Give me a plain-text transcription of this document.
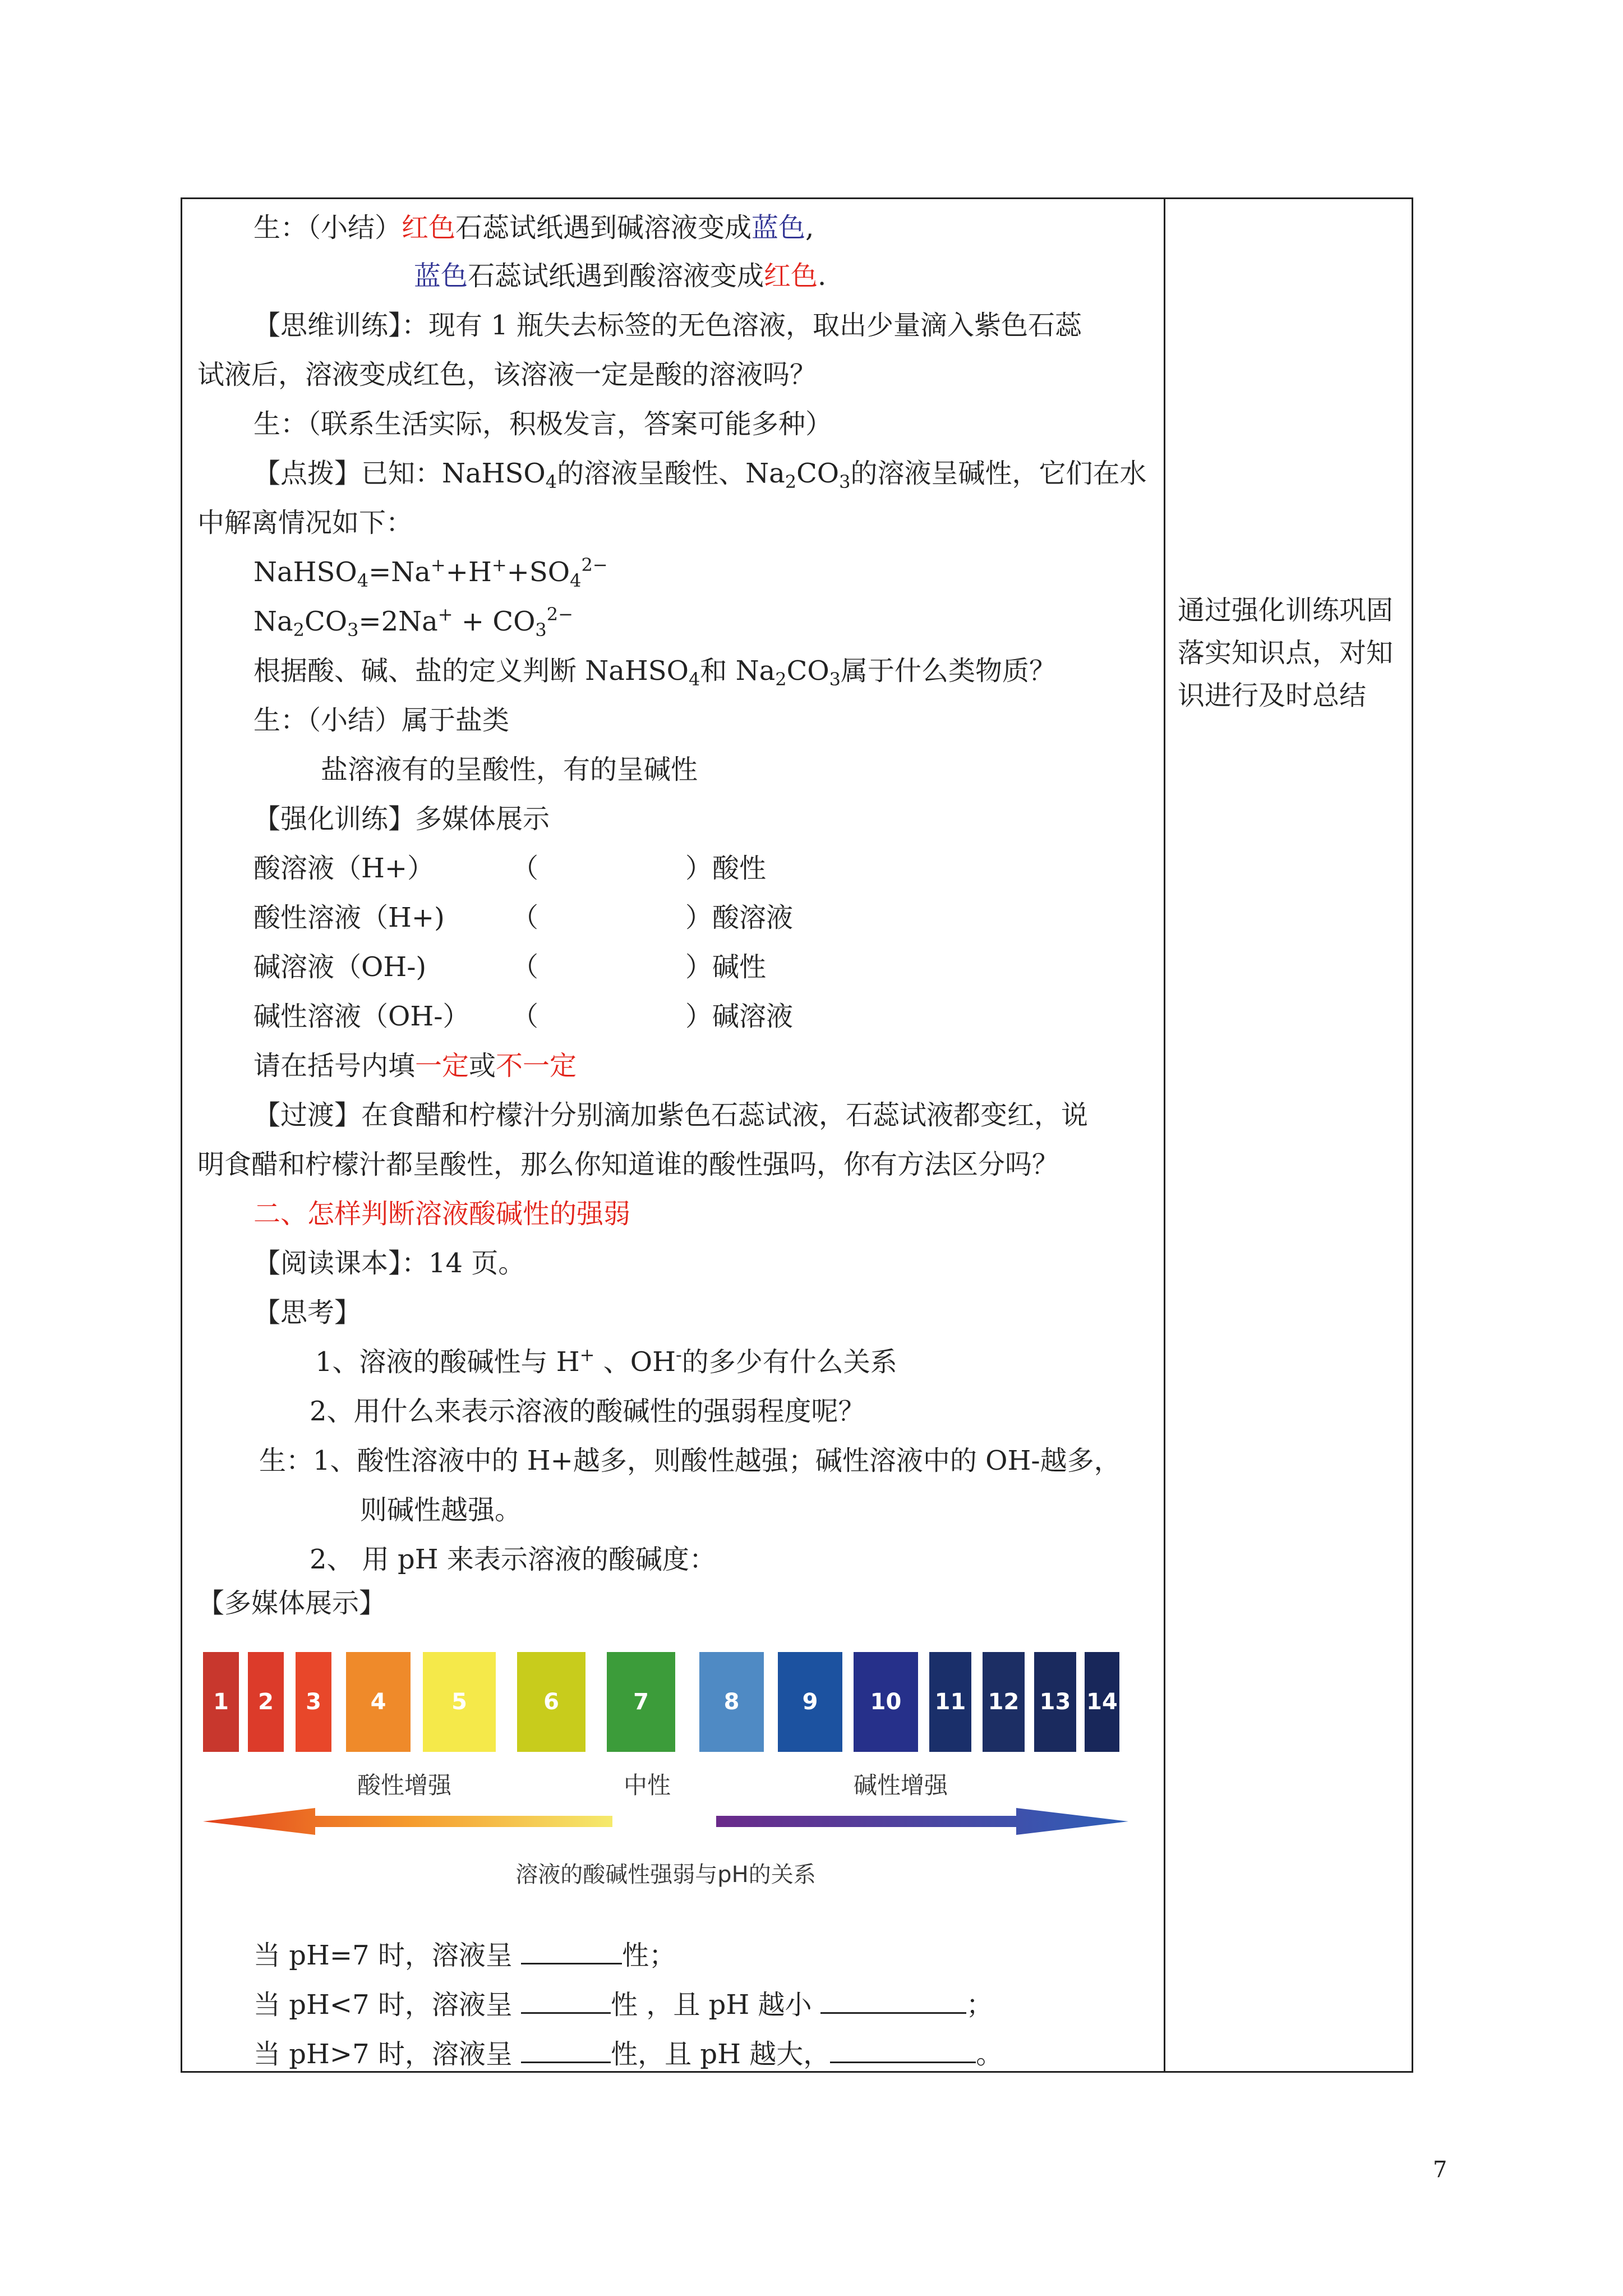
生：（小结）红色石蕊试纸遇到碱溶液变成蓝色,
蓝色石蕊试纸遇到酸溶液变成红色.
【思维训练】：现有 1 瓶失去标签的无色溶液，取出少量滴入紫色石蕊
试液后，溶液变成红色，该溶液一定是酸的溶液吗？
生：（联系生活实际，积极发言，答案可能多种）
【点拨】已知：NaHSO$_4$的溶液呈酸性、$Na_2CO_3$的溶液呈碱性，它们在水
中解离情况如下：
$NaHSO_4=Na^++H^++SO_4^{2-}$
$Na_2CO_3=2Na^+ + CO_3^{2-}$
根据酸、碱、盐的定义判断 NaHSO$_4$和 $Na_2CO_3$属于什么类物质？
生：（小结）属于盐类
盐溶液有的呈酸性，有的呈碱性
【强化训练】多媒体展示
酸溶液（H+）	（	）酸性
酸性溶液（H+) （	）酸溶液
碱溶液（OH-)	（	）碱性
碱性溶液（OH-） （	）碱溶液
请在括号内填一定或不一定
【过渡】在食醋和柠檬汁分别滴加紫色石蕊试液，石蕊试液都变红，说
明食醋和柠檬汁都呈酸性，那么你知道谁的酸性强吗，你有方法区分吗？
二、怎样判断溶液酸碱性的强弱
【阅读课本】：14 页。
【思考】
1、溶液的酸碱性与 H+ 、OH-的多少有什么关系
2、用什么来表示溶液的酸碱性的强弱程度呢？
生：1、酸性溶液中的 H+越多，则酸性越强；碱性溶液中的 OH-越多，
则碱性越强。
2、 用 pH 来表示溶液的酸碱度：
【多媒体展示】
1	2	3	4	5	6	7	8	9	10	11 12 13 14
酸性增强	中性	碱性增强
溶液的酸碱性强弱与pH的关系
当 pH=7 时，溶液呈	性；
当 pH<7 时，溶液呈	性 ，且 pH 越小	；
当 pH>7 时，溶液呈	性，且 pH 越大，	。
通过强化训练巩固落实知识点，对知识进行及时总结
7
